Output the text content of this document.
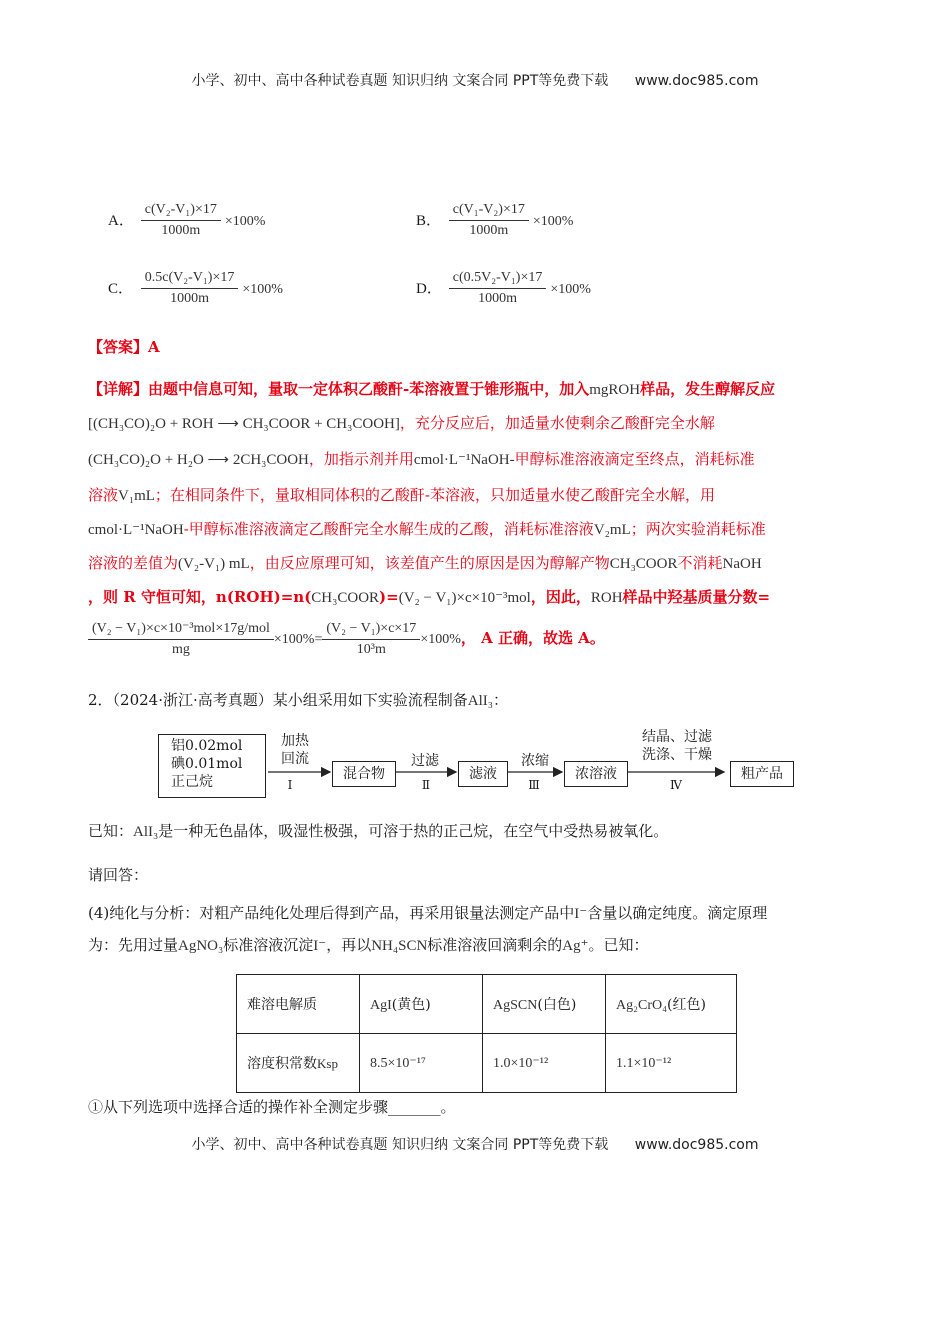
小学、初中、高中各种试卷真题 知识归纳 文案合同 PPT等免费下载 www.doc985.com
A． $\frac{\text{c(V₂-V₁)×17}}{1000m} \times 100\%$	B． $\frac{\text{c(V₁-V₂)×17}}{1000m} \times 100\%$
C． $\frac{\text{0.5c(V₂-V₁)×17}}{1000m} \times 100\%$	D． $\frac{\text{c(0.5V₂-V₁)×17}}{1000m} \times 100\%$
【答案】A
【详解】由题中信息可知，量取一定体积乙酸酐-苯溶液置于锥形瓶中，加入mgROH样品，发生醇解反应
[(CH₃CO)₂O + ROH ⟶ CH₃COOR + CH₃COOH]，充分反应后，加适量水使剩余乙酸酐完全水解
(CH₃CO)₂O + H₂O ⟶ 2CH₃COOH，加指示剂并用cmol·L⁻¹NaOH-甲醇标准溶液滴定至终点，消耗标准
溶液V₁mL；在相同条件下，量取相同体积的乙酸酐-苯溶液，只加适量水使乙酸酐完全水解，用
cmol·L⁻¹NaOH-甲醇标准溶液滴定乙酸酐完全水解生成的乙酸，消耗标准溶液V₂mL；两次实验消耗标准
溶液的差值为(V₂-V₁) mL，由反应原理可知，该差值产生的原因是因为醇解产物CH₃COOR不消耗NaOH
，则 R 守恒可知，n(ROH)=n(CH₃COOR)=(V₂ − V₁)×c×10⁻³mol，因此，ROH样品中羟基质量分数=
$\frac{\text{(V₂ − V₁)×c×10⁻³mol×17g/mol}}{mg} \times 100\%= \frac{\text{(V₂ − V₁)×c×17}}{\text{10³m}} \times 100\%$， A 正确，故选 A。
2．（2024·浙江·高考真题）某小组采用如下实验流程制备AlI₃：
铝0.02mol
碘0.01mol
正己烷
加热
回流
Ⅰ
混合物
过滤
Ⅱ
滤液
浓缩
Ⅲ
浓溶液
结晶、过滤
洗涤、干燥
Ⅳ
粗产品
已知：AlI₃是一种无色晶体，吸湿性极强，可溶于热的正己烷，在空气中受热易被氧化。
请回答：
(4)纯化与分析：对粗产品纯化处理后得到产品，再采用银量法测定产品中I⁻含量以确定纯度。滴定原理
为：先用过量AgNO₃标准溶液沉淀I⁻，再以NH₄SCN标准溶液回滴剩余的Ag⁺。已知：
难溶电解质	AgI(黄色)	AgSCN(白色)	Ag₂CrO₄(红色)
溶度积常数Ksp	8.5×10⁻¹⁷	1.0×10⁻¹²	1.1×10⁻¹²
①从下列选项中选择合适的操作补全测定步骤_______。
小学、初中、高中各种试卷真题 知识归纳 文案合同 PPT等免费下载 www.doc985.com
